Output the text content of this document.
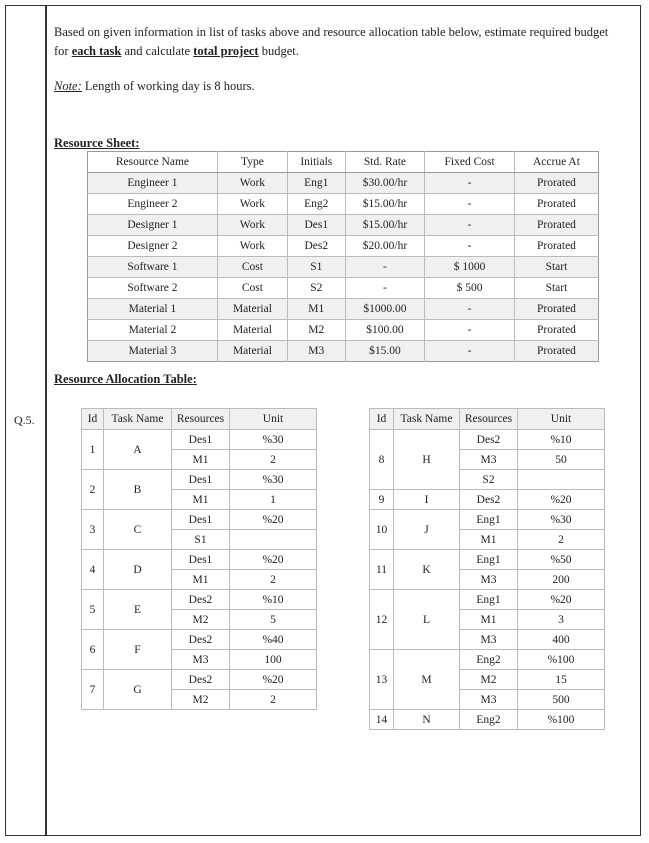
Q.5.
Based on given information in list of tasks above and resource allocation table below, estimate required budget for each task and calculate total project budget.
Note: Length of working day is 8 hours.
Resource Sheet:
Resource Name	Type	Initials	Std. Rate	Fixed Cost	Accrue At
Engineer 1	Work	Eng1	$30.00/hr	-	Prorated
Engineer 2	Work	Eng2	$15.00/hr	-	Prorated
Designer 1	Work	Des1	$15.00/hr	-	Prorated
Designer 2	Work	Des2	$20.00/hr	-	Prorated
Software 1	Cost	S1	-	$ 1000	Start
Software 2	Cost	S2	-	$ 500	Start
Material 1	Material	M1	$1000.00	-	Prorated
Material 2	Material	M2	$100.00	-	Prorated
Material 3	Material	M3	$15.00	-	Prorated
Resource Allocation Table:
Id	Task Name	Resources	Unit
1	A	Des1	%30
		M1	2
2	B	Des1	%30
		M1	1
3	C	Des1	%20
		S1	
4	D	Des1	%20
		M1	2
5	E	Des2	%10
		M2	5
6	F	Des2	%40
		M3	100
7	G	Des2	%20
		M2	2
Id	Task Name	Resources	Unit
8	H	Des2	%10
		M3	50
		S2	
9	I	Des2	%20
10	J	Eng1	%30
		M1	2
11	K	Eng1	%50
		M3	200
12	L	Eng1	%20
		M1	3
		M3	400
13	M	Eng2	%100
		M2	15
		M3	500
14	N	Eng2	%100
